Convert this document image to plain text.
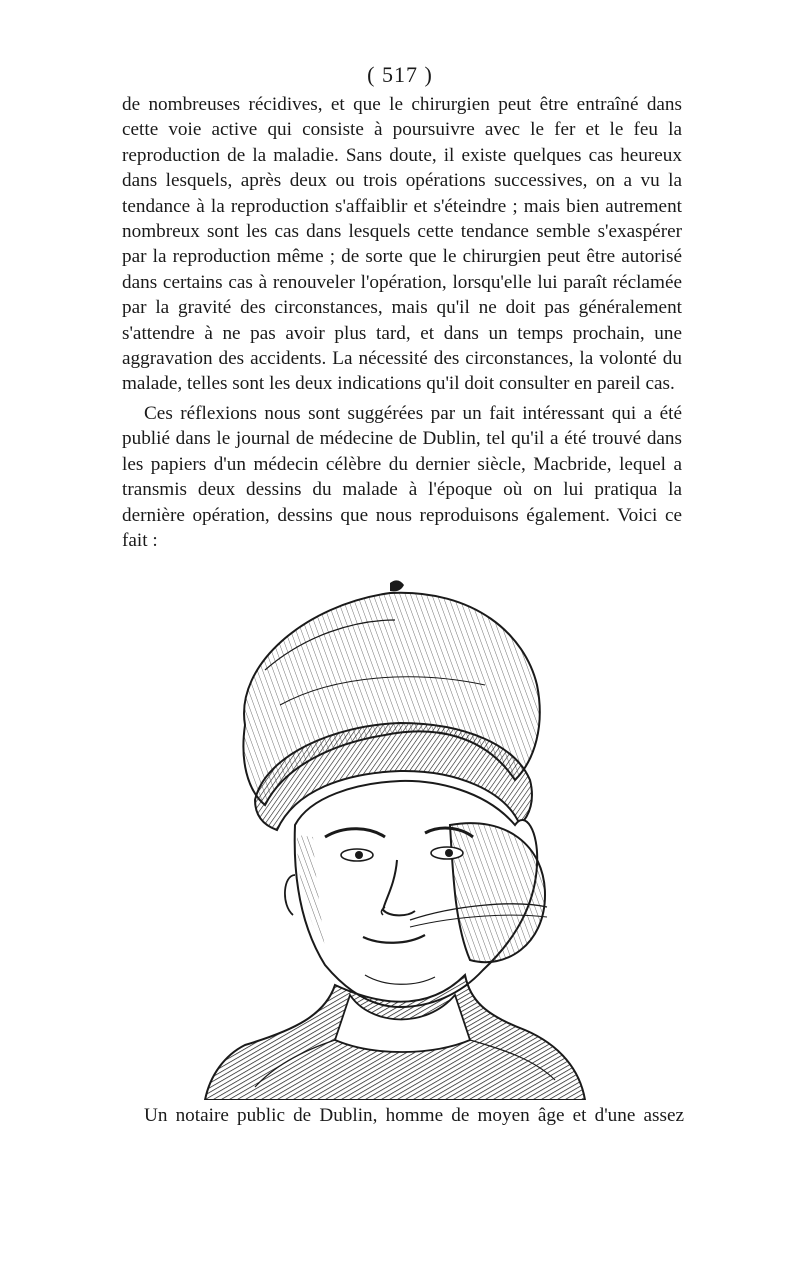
( 517 )

de nombreuses récidives, et que le chirurgien peut être entraîné dans cette voie active qui consiste à poursuivre avec le fer et le feu la reproduction de la maladie. Sans doute, il existe quelques cas heureux dans lesquels, après deux ou trois opérations successives, on a vu la tendance à la reproduction s'affaiblir et s'éteindre ; mais bien autrement nombreux sont les cas dans lesquels cette tendance semble s'exaspérer par la reproduction même ; de sorte que le chirurgien peut être autorisé dans certains cas à renouveler l'opération, lorsqu'elle lui paraît réclamée par la gravité des circonstances, mais qu'il ne doit pas généralement s'attendre à ne pas avoir plus tard, et dans un temps prochain, une aggravation des accidents. La nécessité des circonstances, la volonté du malade, telles sont les deux indications qu'il doit consulter en pareil cas.

Ces réflexions nous sont suggérées par un fait intéressant qui a été publié dans le journal de médecine de Dublin, tel qu'il a été trouvé dans les papiers d'un médecin célèbre du dernier siècle, Macbride, lequel a transmis deux dessins du malade à l'époque où on lui pratiqua la dernière opération, dessins que nous reproduisons également. Voici ce fait :

Un notaire public de Dublin, homme de moyen âge et d'une assez
